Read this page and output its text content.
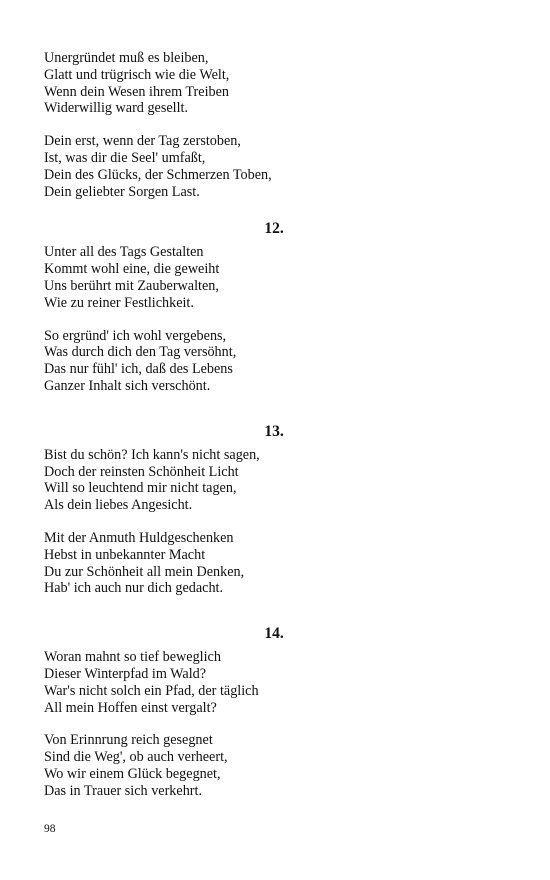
Unergründet muß es bleiben,
Glatt und trügrisch wie die Welt,
Wenn dein Wesen ihrem Treiben
Widerwillig ward gesellt.
Dein erst, wenn der Tag zerstoben,
Ist, was dir die Seel' umfaßt,
Dein des Glücks, der Schmerzen Toben,
Dein geliebter Sorgen Last.
12.
Unter all des Tags Gestalten
Kommt wohl eine, die geweiht
Uns berührt mit Zauberwalten,
Wie zu reiner Festlichkeit.
So ergründ' ich wohl vergebens,
Was durch dich den Tag versöhnt,
Das nur fühl' ich, daß des Lebens
Ganzer Inhalt sich verschönt.
13.
Bist du schön? Ich kann's nicht sagen,
Doch der reinsten Schönheit Licht
Will so leuchtend mir nicht tagen,
Als dein liebes Angesicht.
Mit der Anmuth Huldgeschenken
Hebst in unbekannter Macht
Du zur Schönheit all mein Denken,
Hab' ich auch nur dich gedacht.
14.
Woran mahnt so tief beweglich
Dieser Winterpfad im Wald?
War's nicht solch ein Pfad, der täglich
All mein Hoffen einst vergalt?
Von Erinnrung reich gesegnet
Sind die Weg', ob auch verheert,
Wo wir einem Glück begegnet,
Das in Trauer sich verkehrt.
98
